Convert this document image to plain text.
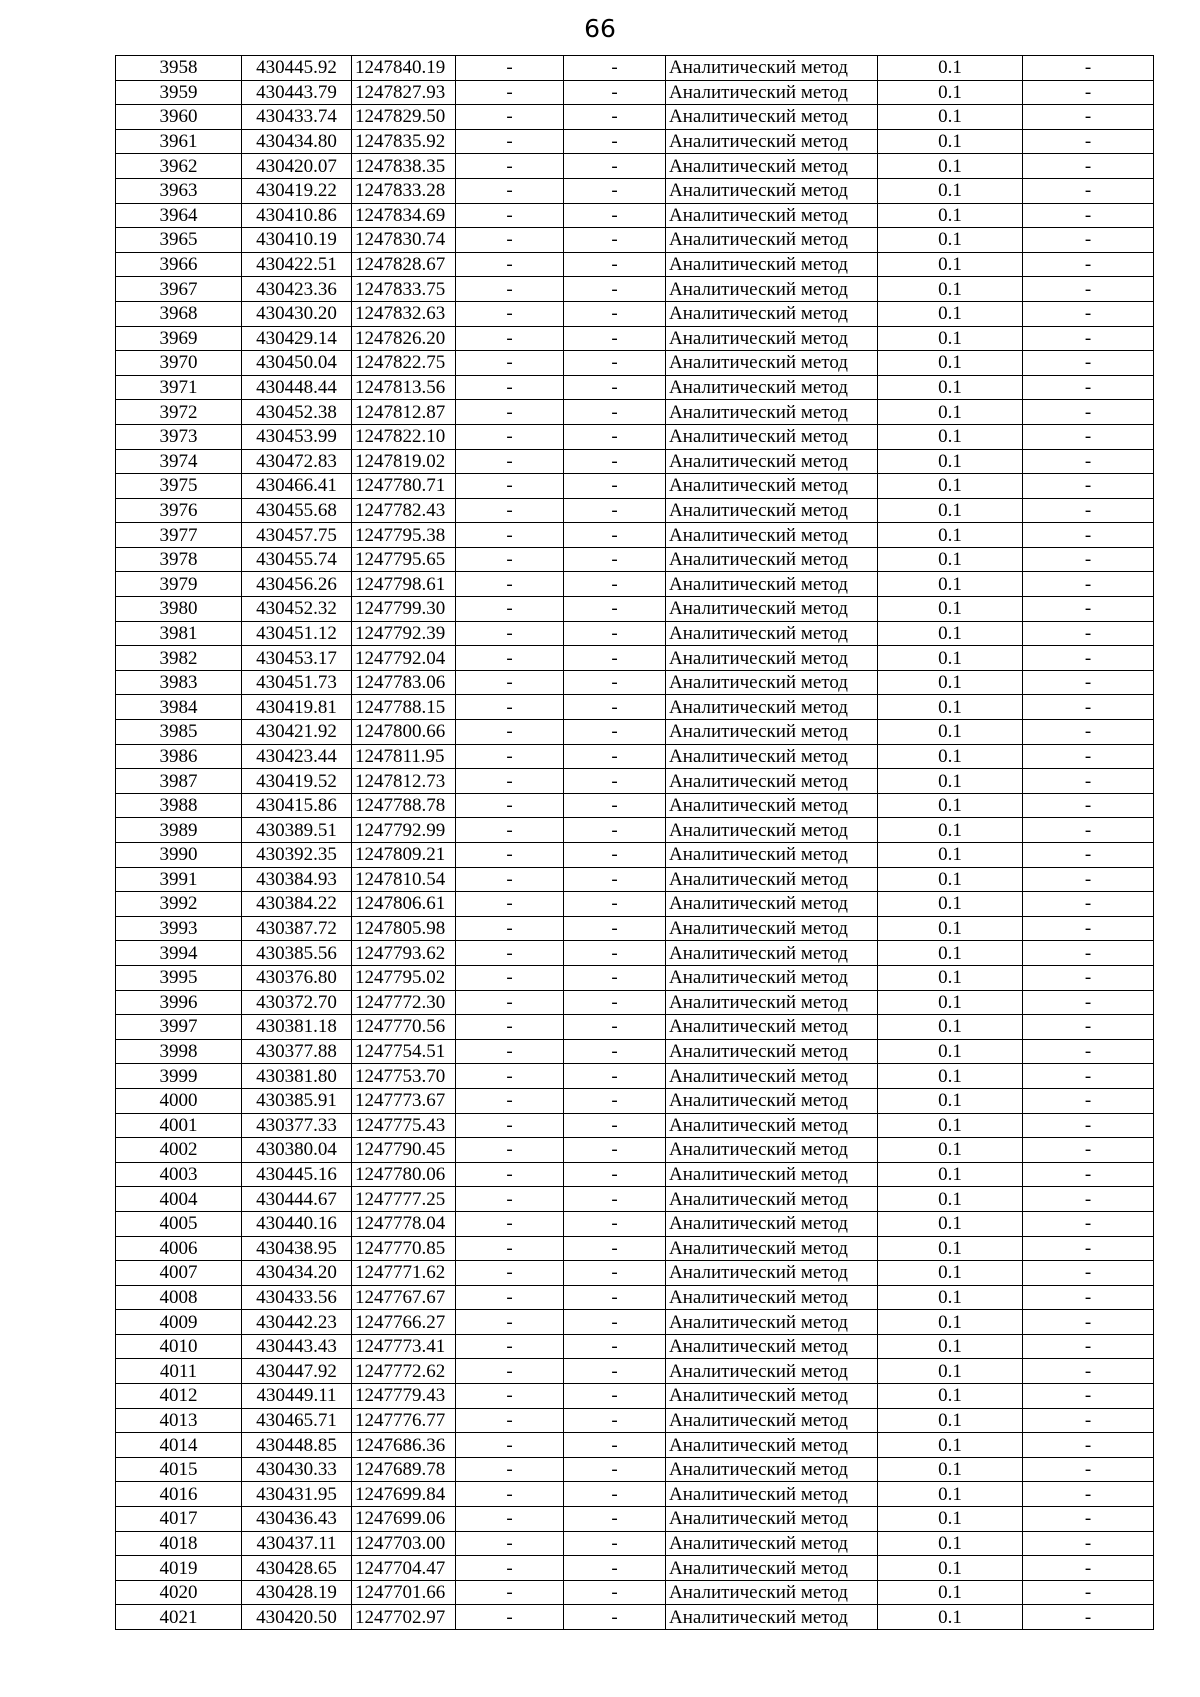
66
3958	430445.92	1247840.19	-	-	Аналитический метод	0.1	-
3959	430443.79	1247827.93	-	-	Аналитический метод	0.1	-
3960	430433.74	1247829.50	-	-	Аналитический метод	0.1	-
3961	430434.80	1247835.92	-	-	Аналитический метод	0.1	-
3962	430420.07	1247838.35	-	-	Аналитический метод	0.1	-
3963	430419.22	1247833.28	-	-	Аналитический метод	0.1	-
3964	430410.86	1247834.69	-	-	Аналитический метод	0.1	-
3965	430410.19	1247830.74	-	-	Аналитический метод	0.1	-
3966	430422.51	1247828.67	-	-	Аналитический метод	0.1	-
3967	430423.36	1247833.75	-	-	Аналитический метод	0.1	-
3968	430430.20	1247832.63	-	-	Аналитический метод	0.1	-
3969	430429.14	1247826.20	-	-	Аналитический метод	0.1	-
3970	430450.04	1247822.75	-	-	Аналитический метод	0.1	-
3971	430448.44	1247813.56	-	-	Аналитический метод	0.1	-
3972	430452.38	1247812.87	-	-	Аналитический метод	0.1	-
3973	430453.99	1247822.10	-	-	Аналитический метод	0.1	-
3974	430472.83	1247819.02	-	-	Аналитический метод	0.1	-
3975	430466.41	1247780.71	-	-	Аналитический метод	0.1	-
3976	430455.68	1247782.43	-	-	Аналитический метод	0.1	-
3977	430457.75	1247795.38	-	-	Аналитический метод	0.1	-
3978	430455.74	1247795.65	-	-	Аналитический метод	0.1	-
3979	430456.26	1247798.61	-	-	Аналитический метод	0.1	-
3980	430452.32	1247799.30	-	-	Аналитический метод	0.1	-
3981	430451.12	1247792.39	-	-	Аналитический метод	0.1	-
3982	430453.17	1247792.04	-	-	Аналитический метод	0.1	-
3983	430451.73	1247783.06	-	-	Аналитический метод	0.1	-
3984	430419.81	1247788.15	-	-	Аналитический метод	0.1	-
3985	430421.92	1247800.66	-	-	Аналитический метод	0.1	-
3986	430423.44	1247811.95	-	-	Аналитический метод	0.1	-
3987	430419.52	1247812.73	-	-	Аналитический метод	0.1	-
3988	430415.86	1247788.78	-	-	Аналитический метод	0.1	-
3989	430389.51	1247792.99	-	-	Аналитический метод	0.1	-
3990	430392.35	1247809.21	-	-	Аналитический метод	0.1	-
3991	430384.93	1247810.54	-	-	Аналитический метод	0.1	-
3992	430384.22	1247806.61	-	-	Аналитический метод	0.1	-
3993	430387.72	1247805.98	-	-	Аналитический метод	0.1	-
3994	430385.56	1247793.62	-	-	Аналитический метод	0.1	-
3995	430376.80	1247795.02	-	-	Аналитический метод	0.1	-
3996	430372.70	1247772.30	-	-	Аналитический метод	0.1	-
3997	430381.18	1247770.56	-	-	Аналитический метод	0.1	-
3998	430377.88	1247754.51	-	-	Аналитический метод	0.1	-
3999	430381.80	1247753.70	-	-	Аналитический метод	0.1	-
4000	430385.91	1247773.67	-	-	Аналитический метод	0.1	-
4001	430377.33	1247775.43	-	-	Аналитический метод	0.1	-
4002	430380.04	1247790.45	-	-	Аналитический метод	0.1	-
4003	430445.16	1247780.06	-	-	Аналитический метод	0.1	-
4004	430444.67	1247777.25	-	-	Аналитический метод	0.1	-
4005	430440.16	1247778.04	-	-	Аналитический метод	0.1	-
4006	430438.95	1247770.85	-	-	Аналитический метод	0.1	-
4007	430434.20	1247771.62	-	-	Аналитический метод	0.1	-
4008	430433.56	1247767.67	-	-	Аналитический метод	0.1	-
4009	430442.23	1247766.27	-	-	Аналитический метод	0.1	-
4010	430443.43	1247773.41	-	-	Аналитический метод	0.1	-
4011	430447.92	1247772.62	-	-	Аналитический метод	0.1	-
4012	430449.11	1247779.43	-	-	Аналитический метод	0.1	-
4013	430465.71	1247776.77	-	-	Аналитический метод	0.1	-
4014	430448.85	1247686.36	-	-	Аналитический метод	0.1	-
4015	430430.33	1247689.78	-	-	Аналитический метод	0.1	-
4016	430431.95	1247699.84	-	-	Аналитический метод	0.1	-
4017	430436.43	1247699.06	-	-	Аналитический метод	0.1	-
4018	430437.11	1247703.00	-	-	Аналитический метод	0.1	-
4019	430428.65	1247704.47	-	-	Аналитический метод	0.1	-
4020	430428.19	1247701.66	-	-	Аналитический метод	0.1	-
4021	430420.50	1247702.97	-	-	Аналитический метод	0.1	-
